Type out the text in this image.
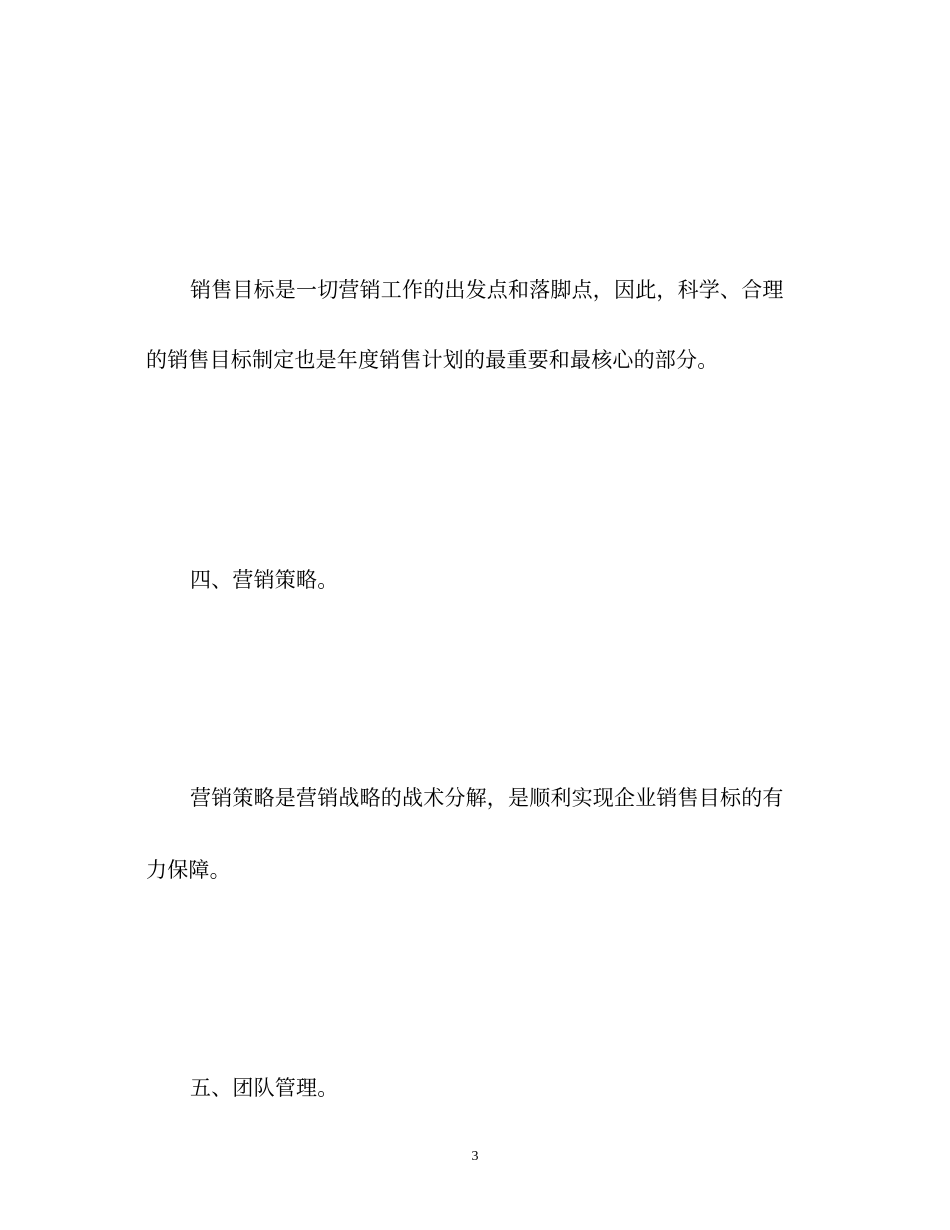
销售目标是一切营销工作的出发点和落脚点，因此，科学、合理

的销售目标制定也是年度销售计划的最重要和最核心的部分。

四、营销策略。

营销策略是营销战略的战术分解，是顺利实现企业销售目标的有

力保障。

五、团队管理。

3
